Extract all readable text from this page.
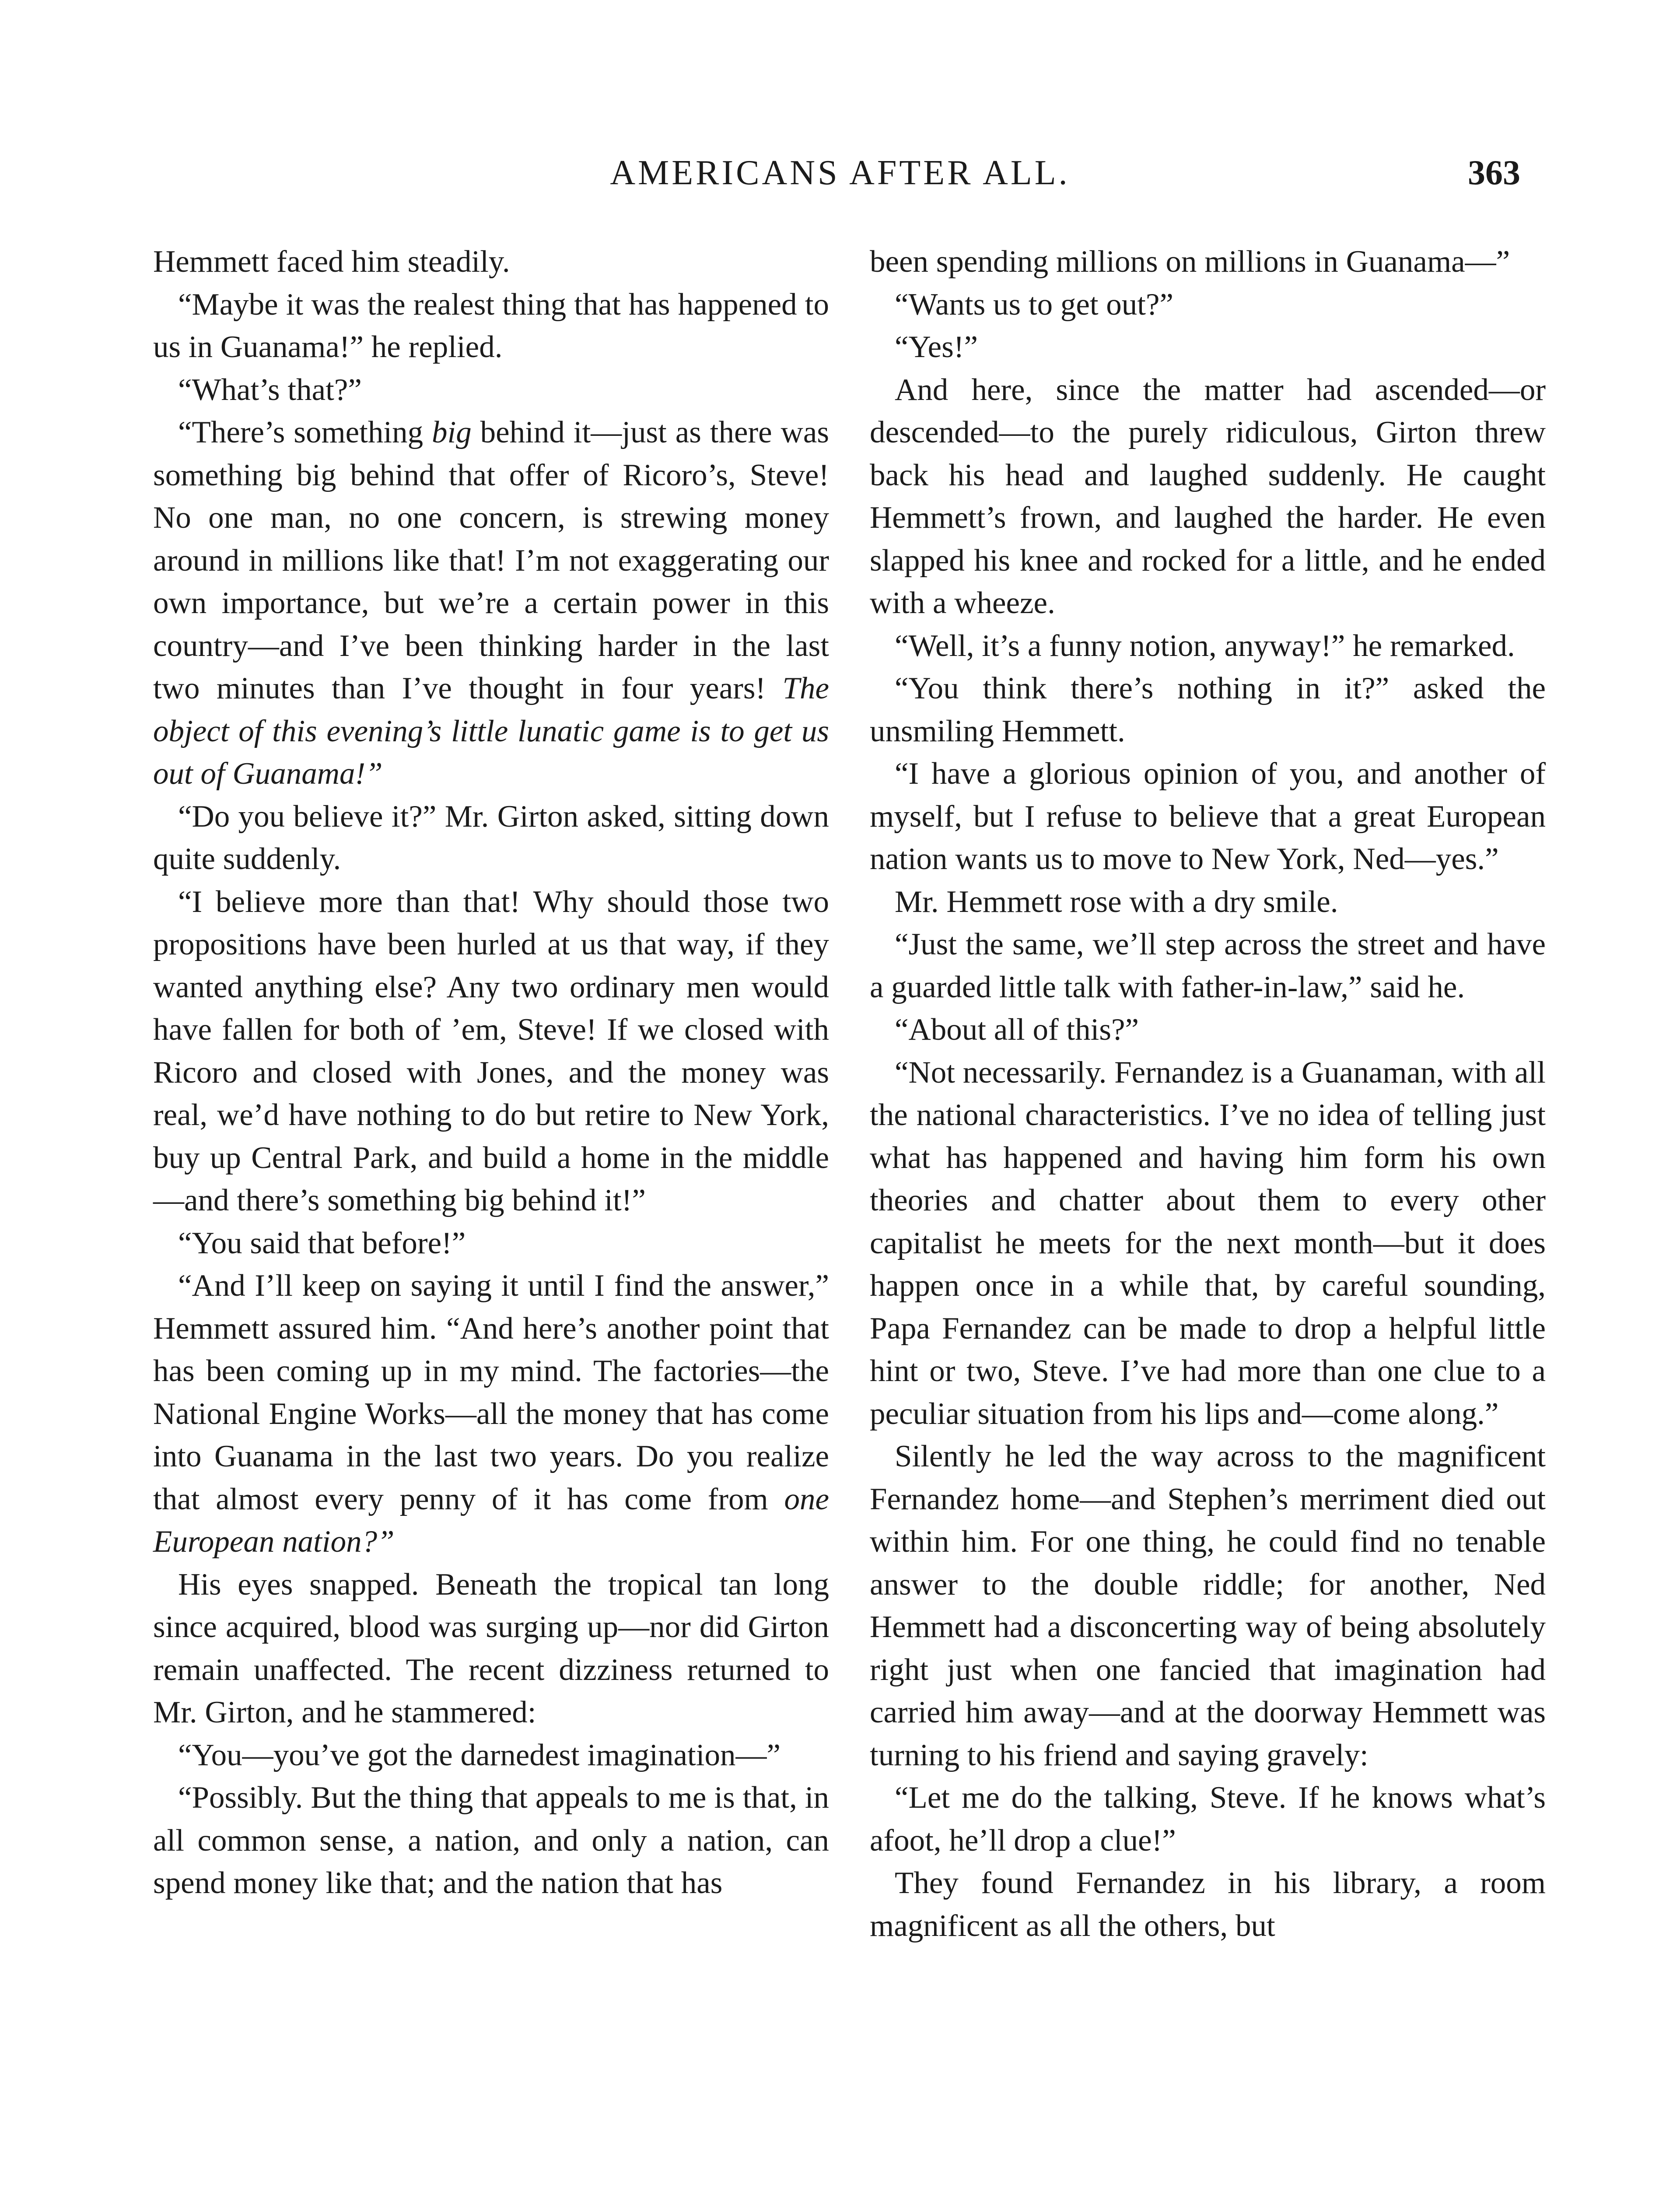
AMERICANS AFTER ALL.	363

Hemmett faced him steadily.

“Maybe it was the realest thing that has happened to us in Guanama!” he replied.

“What’s that?”

“There’s something big behind it—just as there was something big behind that offer of Ricoro’s, Steve! No one man, no one concern, is strewing money around in millions like that! I’m not exaggerating our own importance, but we’re a certain power in this country—and I’ve been thinking harder in the last two minutes than I’ve thought in four years! The object of this evening’s little lunatic game is to get us out of Guanama!”

“Do you believe it?” Mr. Girton asked, sitting down quite suddenly.

“I believe more than that! Why should those two propositions have been hurled at us that way, if they wanted anything else? Any two ordinary men would have fallen for both of ’em, Steve! If we closed with Ricoro and closed with Jones, and the money was real, we’d have nothing to do but retire to New York, buy up Central Park, and build a home in the middle—and there’s something big behind it!”

“You said that before!”

“And I’ll keep on saying it until I find the answer,” Hemmett assured him. “And here’s another point that has been coming up in my mind. The factories—the National Engine Works—all the money that has come into Guanama in the last two years. Do you realize that almost every penny of it has come from one European nation?”

His eyes snapped. Beneath the tropical tan long since acquired, blood was surging up—nor did Girton remain unaffected. The recent dizziness returned to Mr. Girton, and he stammered:

“You—you’ve got the darnedest imagination—”

“Possibly. But the thing that appeals to me is that, in all common sense, a nation, and only a nation, can spend money like that; and the nation that has

been spending millions on millions in Guanama—”

“Wants us to get out?”

“Yes!”

And here, since the matter had ascended—or descended—to the purely ridiculous, Girton threw back his head and laughed suddenly. He caught Hemmett’s frown, and laughed the harder. He even slapped his knee and rocked for a little, and he ended with a wheeze.

“Well, it’s a funny notion, anyway!” he remarked.

“You think there’s nothing in it?” asked the unsmiling Hemmett.

“I have a glorious opinion of you, and another of myself, but I refuse to believe that a great European nation wants us to move to New York, Ned—yes.”

Mr. Hemmett rose with a dry smile.

“Just the same, we’ll step across the street and have a guarded little talk with father-in-law,” said he.

“About all of this?”

“Not necessarily. Fernandez is a Guanaman, with all the national characteristics. I’ve no idea of telling just what has happened and having him form his own theories and chatter about them to every other capitalist he meets for the next month—but it does happen once in a while that, by careful sounding, Papa Fernandez can be made to drop a helpful little hint or two, Steve. I’ve had more than one clue to a peculiar situation from his lips and—come along.”

Silently he led the way across to the magnificent Fernandez home—and Stephen’s merriment died out within him. For one thing, he could find no tenable answer to the double riddle; for another, Ned Hemmett had a disconcerting way of being absolutely right just when one fancied that imagination had carried him away—and at the doorway Hemmett was turning to his friend and saying gravely:

“Let me do the talking, Steve. If he knows what’s afoot, he’ll drop a clue!”

They found Fernandez in his library, a room magnificent as all the others, but
